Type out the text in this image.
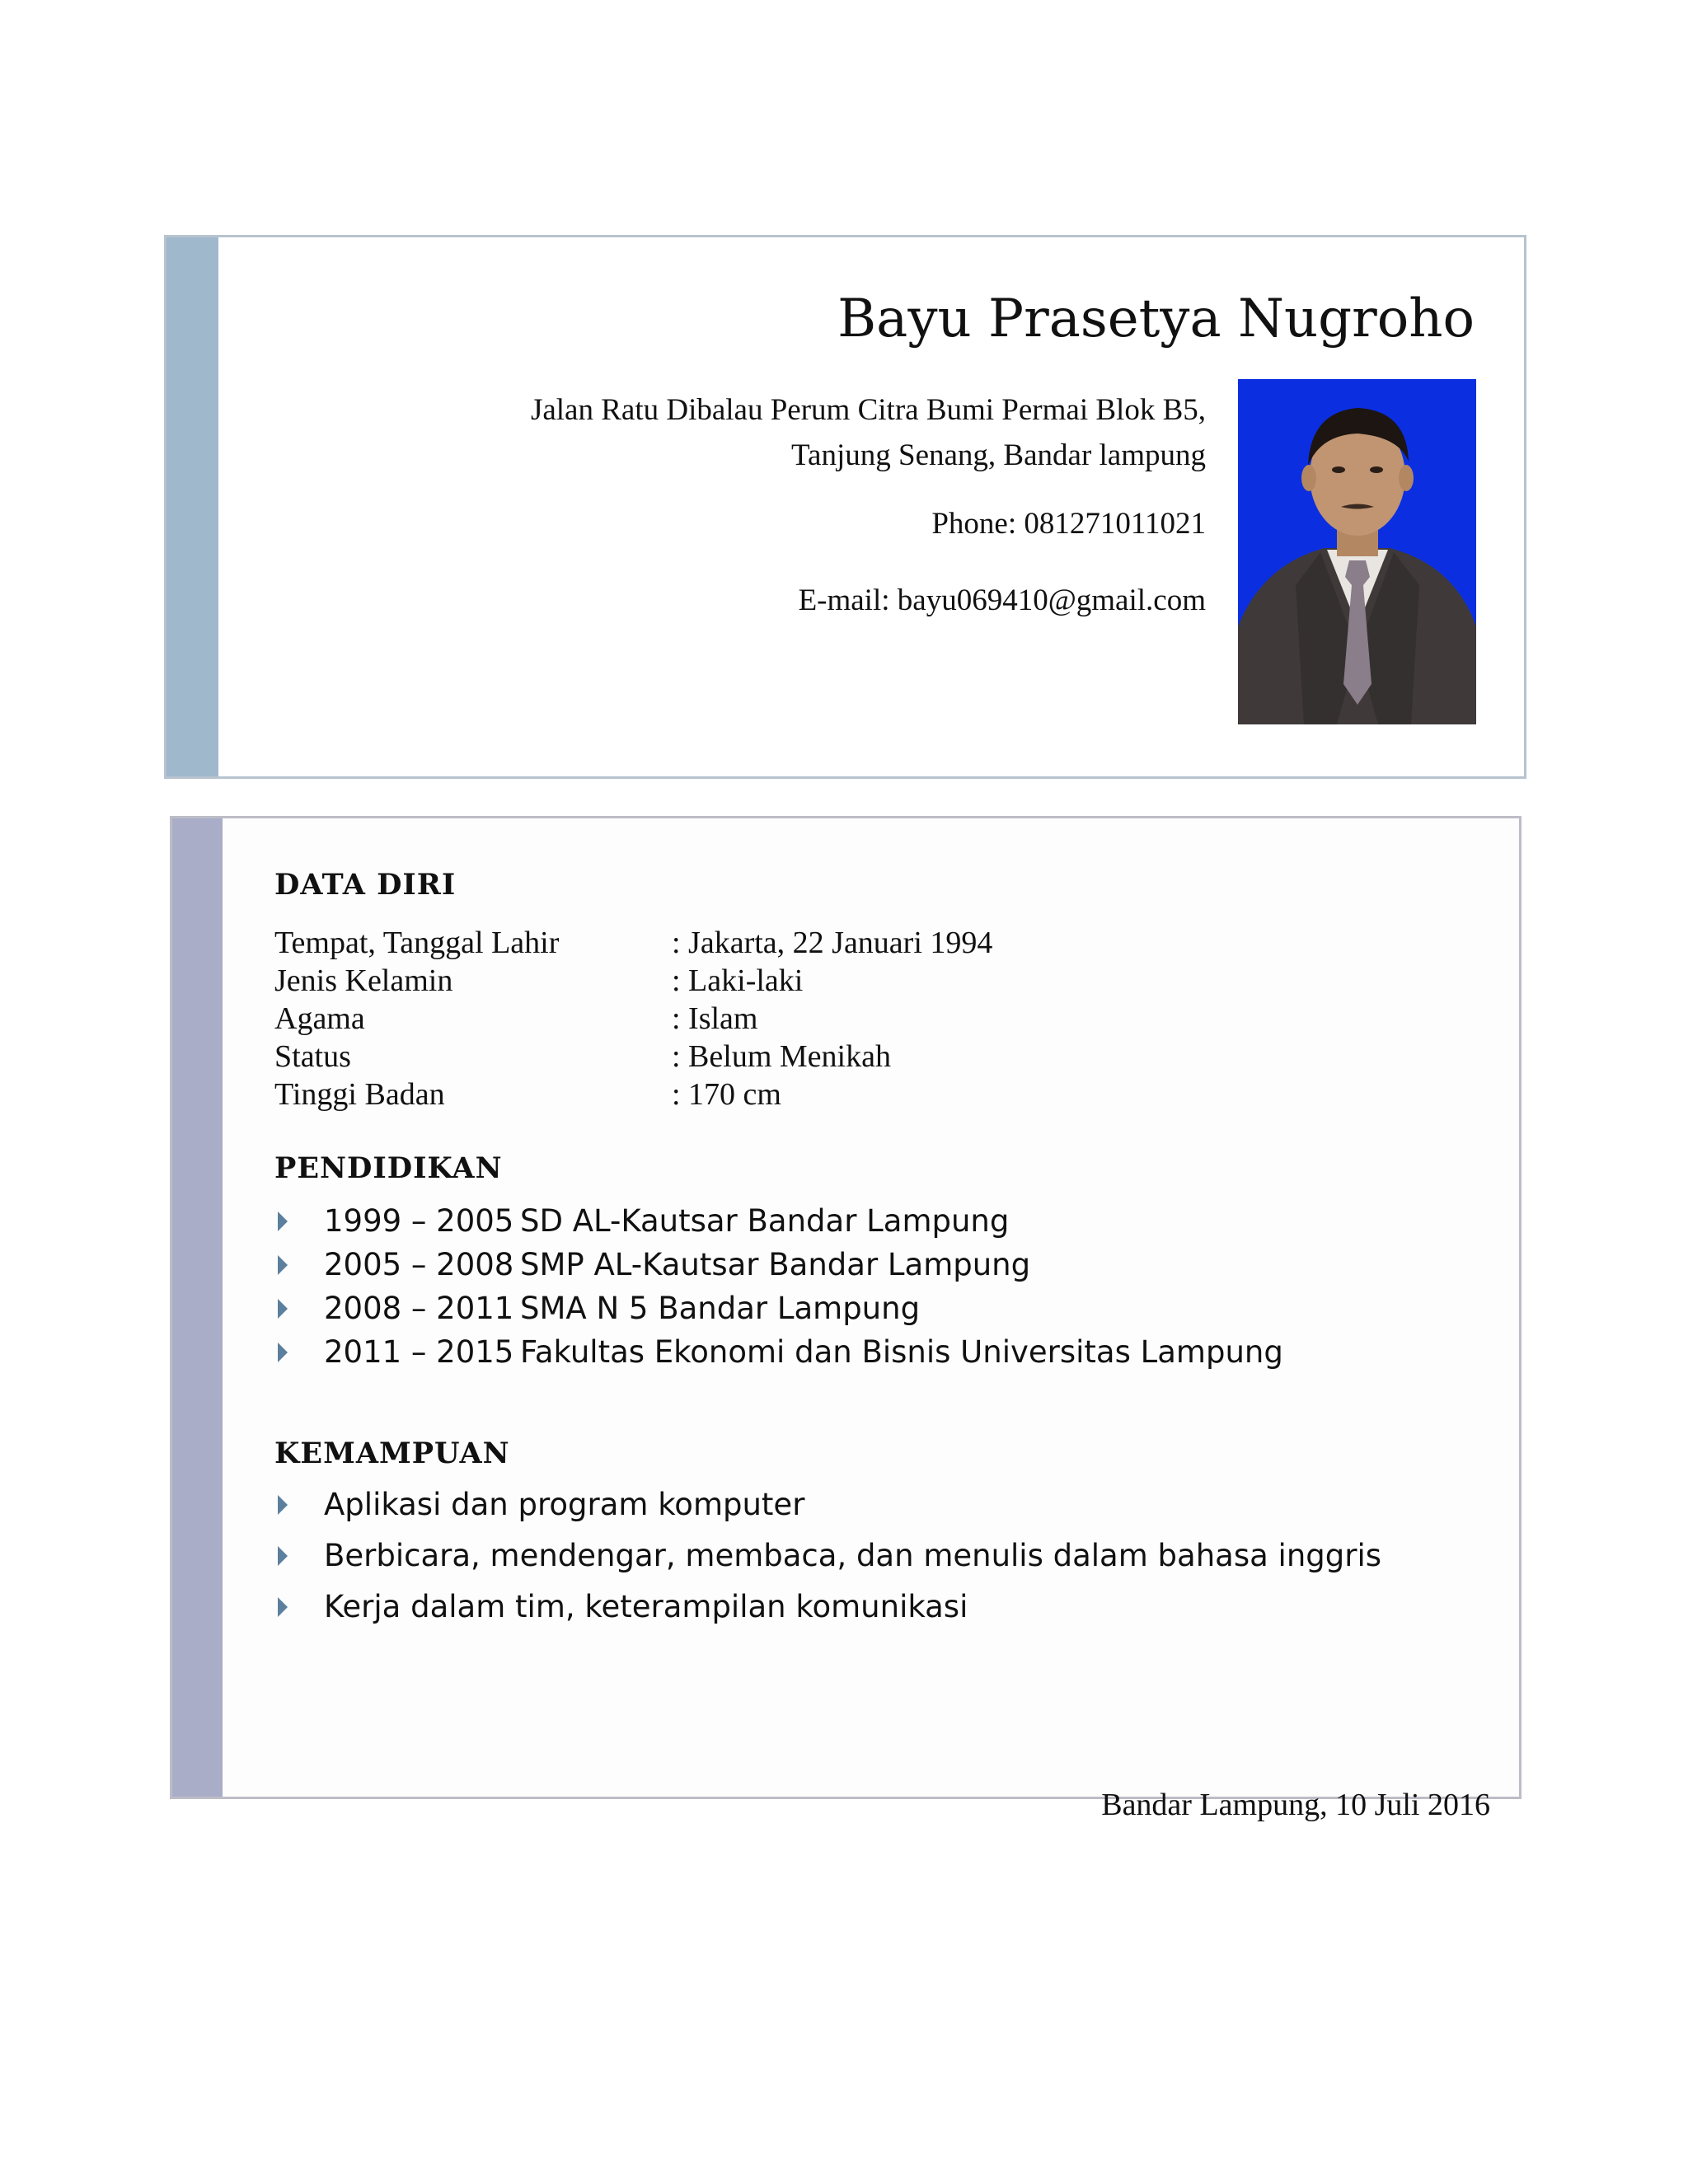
Bayu Prasetya Nugroho
Jalan Ratu Dibalau Perum Citra Bumi Permai Blok B5,
Tanjung Senang, Bandar lampung
Phone: 081271011021
E-mail: bayu069410@gmail.com
DATA DIRI
Tempat, Tanggal Lahir	: Jakarta, 22 Januari 1994
Jenis Kelamin	: Laki-laki
Agama	: Islam
Status	: Belum Menikah
Tinggi Badan	: 170 cm
PENDIDIKAN
1999 – 2005 SD AL-Kautsar Bandar Lampung
2005 – 2008 SMP AL-Kautsar Bandar Lampung
2008 – 2011 SMA N 5 Bandar Lampung
2011 – 2015 Fakultas Ekonomi dan Bisnis Universitas Lampung
KEMAMPUAN
Aplikasi dan program komputer
Berbicara, mendengar, membaca, dan menulis dalam bahasa inggris
Kerja dalam tim, keterampilan komunikasi
Bandar Lampung, 10 Juli 2016
